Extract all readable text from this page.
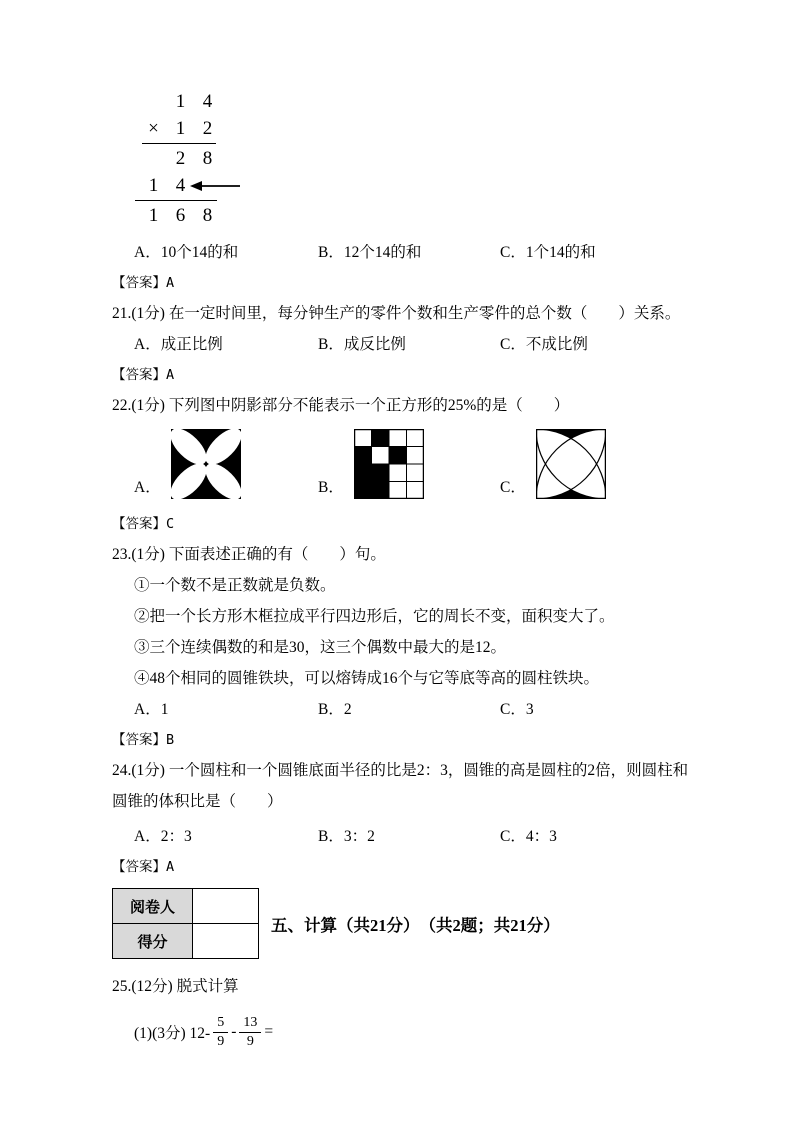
1 4
× 1 2
2 8
1 4
1 6 8
A．10个14的和	B．12个14的和	C．1个14的和
【答案】A
21.(1分) 在一定时间里，每分钟生产的零件个数和生产零件的总个数（　　）关系。
A．成正比例	B．成反比例	C．不成比例
【答案】A
22.(1分) 下列图中阴影部分不能表示一个正方形的25%的是（　　）
A．	B．	C．
【答案】C
23.(1分) 下面表述正确的有（　　）句。
①一个数不是正数就是负数。
②把一个长方形木框拉成平行四边形后，它的周长不变，面积变大了。
③三个连续偶数的和是30，这三个偶数中最大的是12。
④48个相同的圆锥铁块，可以熔铸成16个与它等底等高的圆柱铁块。
A．1	B．2	C．3
【答案】B
24.(1分) 一个圆柱和一个圆锥底面半径的比是2：3，圆锥的高是圆柱的2倍，则圆柱和圆锥的体积比是（　　）
A．2：3	B．3：2	C．4：3
【答案】A
阅卷人	
得分	
五、计算（共21分）　（共2题；共21分）
25.(12分) 脱式计算
(1)(3分) $12- \frac{5}{9} - \frac{13}{9}$ =
